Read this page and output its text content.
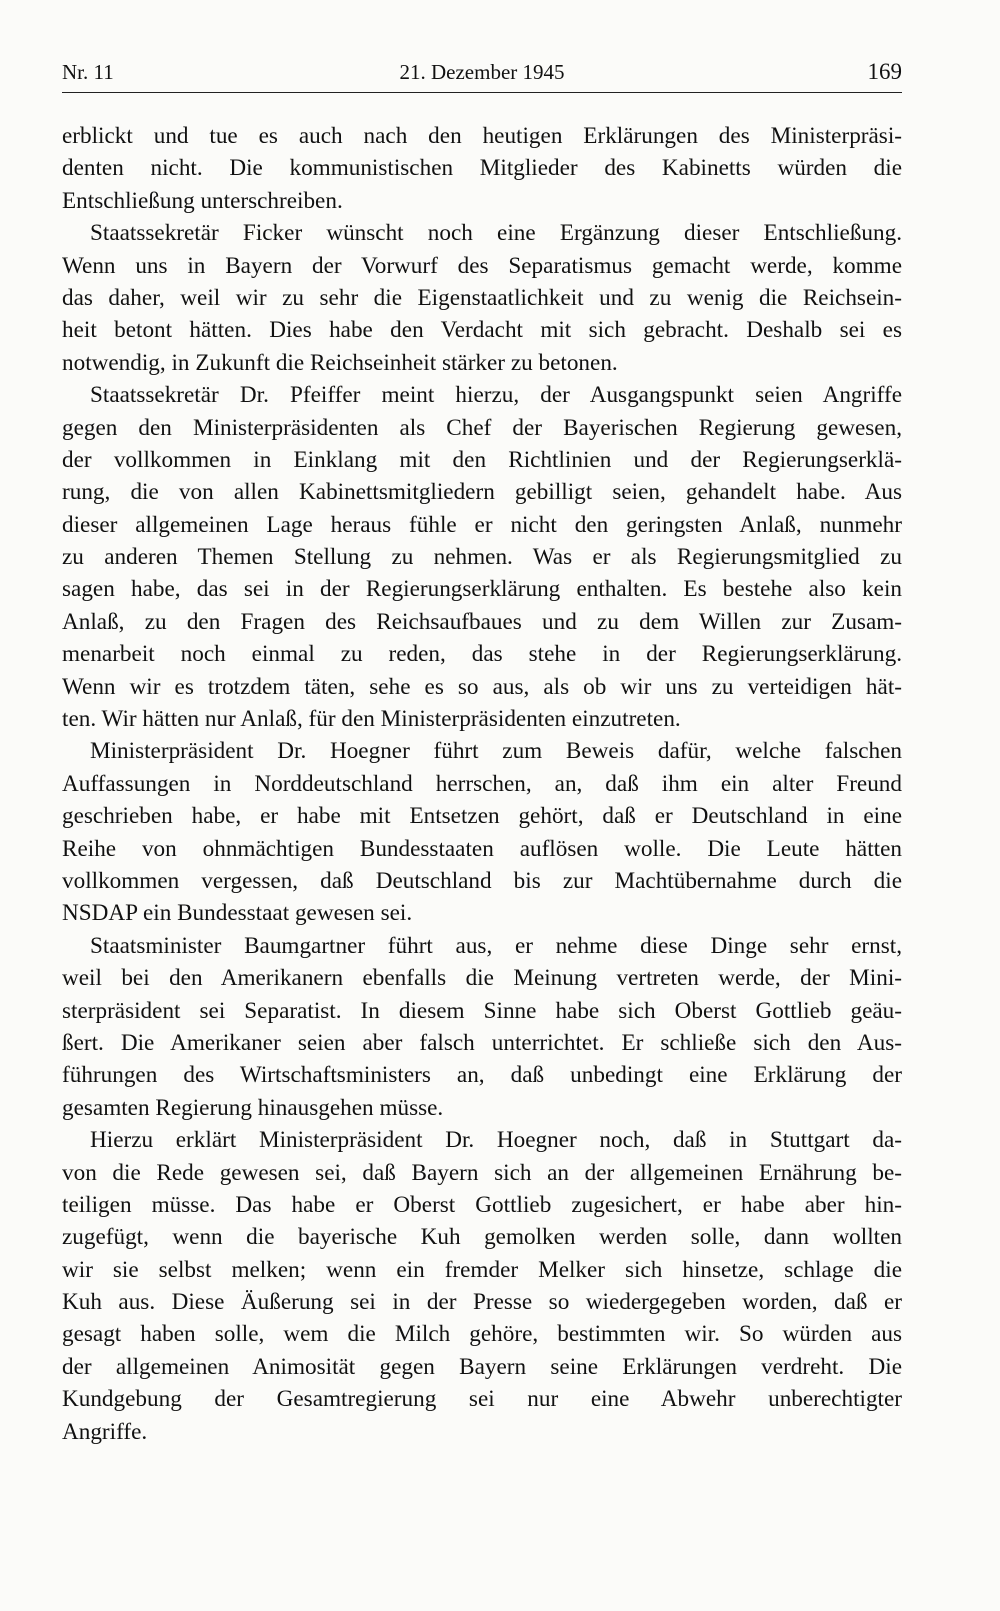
Nr. 11	21. Dezember 1945	169
erblickt und tue es auch nach den heutigen Erklärungen des Ministerpräsi-
denten nicht. Die kommunistischen Mitglieder des Kabinetts würden die
Entschließung unterschreiben.
Staatssekretär Ficker wünscht noch eine Ergänzung dieser Entschließung.
Wenn uns in Bayern der Vorwurf des Separatismus gemacht werde, komme
das daher, weil wir zu sehr die Eigenstaatlichkeit und zu wenig die Reichsein-
heit betont hätten. Dies habe den Verdacht mit sich gebracht. Deshalb sei es
notwendig, in Zukunft die Reichseinheit stärker zu betonen.
Staatssekretär Dr. Pfeiffer meint hierzu, der Ausgangspunkt seien Angriffe
gegen den Ministerpräsidenten als Chef der Bayerischen Regierung gewesen,
der vollkommen in Einklang mit den Richtlinien und der Regierungserklä-
rung, die von allen Kabinettsmitgliedern gebilligt seien, gehandelt habe. Aus
dieser allgemeinen Lage heraus fühle er nicht den geringsten Anlaß, nunmehr
zu anderen Themen Stellung zu nehmen. Was er als Regierungsmitglied zu
sagen habe, das sei in der Regierungserklärung enthalten. Es bestehe also kein
Anlaß, zu den Fragen des Reichsaufbaues und zu dem Willen zur Zusam-
menarbeit noch einmal zu reden, das stehe in der Regierungserklärung.
Wenn wir es trotzdem täten, sehe es so aus, als ob wir uns zu verteidigen hät-
ten. Wir hätten nur Anlaß, für den Ministerpräsidenten einzutreten.
Ministerpräsident Dr. Hoegner führt zum Beweis dafür, welche falschen
Auffassungen in Norddeutschland herrschen, an, daß ihm ein alter Freund
geschrieben habe, er habe mit Entsetzen gehört, daß er Deutschland in eine
Reihe von ohnmächtigen Bundesstaaten auflösen wolle. Die Leute hätten
vollkommen vergessen, daß Deutschland bis zur Machtübernahme durch die
NSDAP ein Bundesstaat gewesen sei.
Staatsminister Baumgartner führt aus, er nehme diese Dinge sehr ernst,
weil bei den Amerikanern ebenfalls die Meinung vertreten werde, der Mini-
sterpräsident sei Separatist. In diesem Sinne habe sich Oberst Gottlieb geäu-
ßert. Die Amerikaner seien aber falsch unterrichtet. Er schließe sich den Aus-
führungen des Wirtschaftsministers an, daß unbedingt eine Erklärung der
gesamten Regierung hinausgehen müsse.
Hierzu erklärt Ministerpräsident Dr. Hoegner noch, daß in Stuttgart da-
von die Rede gewesen sei, daß Bayern sich an der allgemeinen Ernährung be-
teiligen müsse. Das habe er Oberst Gottlieb zugesichert, er habe aber hin-
zugefügt, wenn die bayerische Kuh gemolken werden solle, dann wollten
wir sie selbst melken; wenn ein fremder Melker sich hinsetze, schlage die
Kuh aus. Diese Äußerung sei in der Presse so wiedergegeben worden, daß er
gesagt haben solle, wem die Milch gehöre, bestimmten wir. So würden aus
der allgemeinen Animosität gegen Bayern seine Erklärungen verdreht. Die
Kundgebung der Gesamtregierung sei nur eine Abwehr unberechtigter
Angriffe.
